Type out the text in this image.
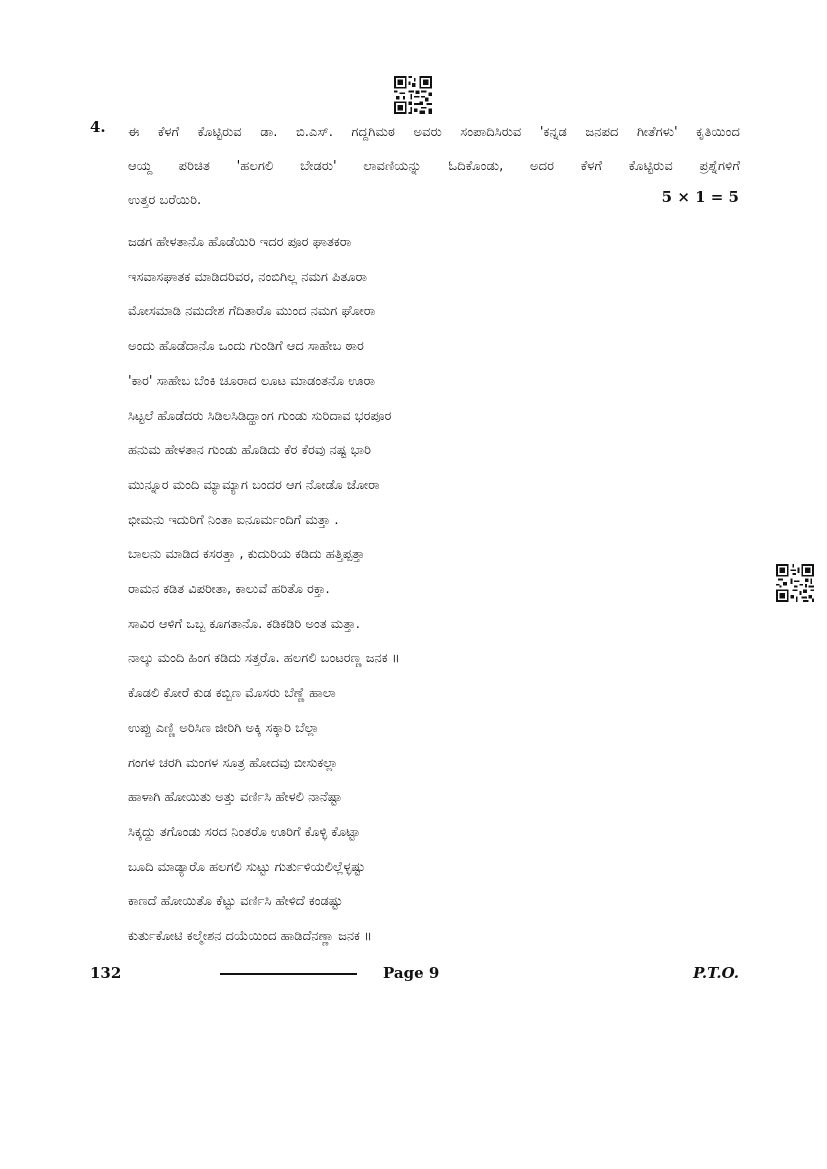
4. ಈ ಕೆಳಗೆ ಕೊಟ್ಟಿರುವ ಡಾ. ಬಿ.ಎಸ್. ಗದ್ದಗಿಮಠ ಅವರು ಸಂಪಾದಿಸಿರುವ 'ಕನ್ನಡ ಜನಪದ ಗೀತೆಗಳು' ಕೃತಿಯಿಂದ
ಆಯ್ದ ಪರಿಚಿತ 'ಹಲಗಲಿ ಬೇಡರು' ಲಾವಣಿಯನ್ನು ಓದಿಕೊಂಡು, ಅದರ ಕೆಳಗೆ ಕೊಟ್ಟಿರುವ ಪ್ರಶ್ನೆಗಳಿಗೆ
ಉತ್ತರ ಬರೆಯಿರಿ.	5 × 1 = 5
ಜಡಗ ಹೇಳತಾನೊ ಹೊಡೆಯಿರಿ ಇದರ ಪೂರ ಘಾತಕರಾ
ಇಸವಾಸಘಾತಕ ಮಾಡಿದರಿವರ, ನಂಬಿಗಿಲ್ಲ ನಮಗ ಪಿತೂರಾ
ಮೋಸಮಾಡಿ ನಮದೇಶ ಗೆದಿತಾರೊ ಮುಂದ ನಮಗ ಘೋರಾ
ಅಂದು ಹೊಡೆದಾನೊ ಒಂದು ಗುಂಡಿಗೆ ಆದ ಸಾಹೇಬ ಠಾರ
'ಕಾರ' ಸಾಹೇಬ ಬೆಂಕಿ ಚೂರಾದ ಲೂಟ ಮಾಡಂತನೊ ಊರಾ
ಸಿಟ್ಟಲೆ ಹೊಡೆದರು ಸಿಡಿಲಸಿಡಿದ್ಹಾಂಗ ಗುಂಡು ಸುರಿದಾವ ಭರಪೂರ
ಹನುಮ ಹೇಳತಾನ ಗುಂಡು ಹೊಡಿದು ಕೆರ ಕೆರವು ನಷ್ಟ ಭಾರಿ
ಮುನ್ನೂರ ಮಂದಿ ಮ್ಯಾಮ್ಯಾಗ ಬಂದರ ಆಗ ನೋಡೊ ಜೋರಾ
ಭೀಮನು ಇದುರಿಗೆ ನಿಂತಾ ಐನೂರ್ಮಂದಿಗೆ ಮತ್ತಾ .
ಬಾಲನು ಮಾಡಿದ ಕಸರತ್ತಾ , ಕುದುರಿಯ ಕಡಿದು ಹತ್ತಿಪ್ಪತ್ತಾ
ರಾಮನ ಕಡಿತ ವಿಪರೀತಾ, ಕಾಲುವೆ ಹರಿತೊ ರಕ್ತಾ.
ಸಾವಿರ ಆಳಿಗೆ ಒಬ್ಬ ಕೂಗತಾನೊ. ಕಡಿಕಡಿರಿ ಅಂತ ಮತ್ತಾ.
ನಾಲ್ಕು ಮಂದಿ ಹಿಂಗ ಕಡಿದು ಸತ್ತರೊ. ಹಲಗಲಿ ಬಂಟರಣ್ಣ ಜನಕ ॥
ಕೊಡಲಿ ಕೋರೆ ಕುಡ ಕಬ್ಬಿಣ ಮೊಸರು ಬೆಣ್ಣೆ ಹಾಲಾ
ಉಪ್ಪು ಎಣ್ಣಿ ಅರಿಸಿಣ ಜೀರಿಗಿ ಅಕ್ಕಿ ಸಕ್ಕಾರಿ ಬೆಲ್ಲಾ
ಗಂಗಳ ಚರಗಿ ಮಂಗಳ ಸೂತ್ರ ಹೋದವು ಬೀಸುಕಲ್ಲಾ
ಹಾಳಾಗಿ ಹೋಯಿತು ಅತ್ತು ವರ್ಣಿಸಿ ಹೇಳಲಿ ನಾನೆಷ್ಟಾ
ಸಿಕ್ಕದ್ದು ತಗೊಂಡು ಸರದ ನಿಂತರೊ ಊರಿಗೆ ಕೊಳ್ಳಿ ಕೊಟ್ಟಾ
ಬೂದಿ ಮಾಡ್ಯಾರೊ ಹಲಗಲಿ ಸುಟ್ಟು ಗುರ್ತುಳಿಯಲಿಲ್ಲೆಳ್ಳಷ್ಟು
ಕಾಣದೆ ಹೋಯಿತೊ ಕೆಟ್ಟು ವರ್ಣಿಸಿ ಹೇಳಿದೆ ಕಂಡಷ್ಟು
ಕುರ್ತುಕೋಟಿ ಕಲ್ಮೇಶನ ದಯೆಯಿಂದ ಹಾಡಿದೆನಣ್ಣಾ ಜನಕ ॥
132	Page 9	P.T.O.
